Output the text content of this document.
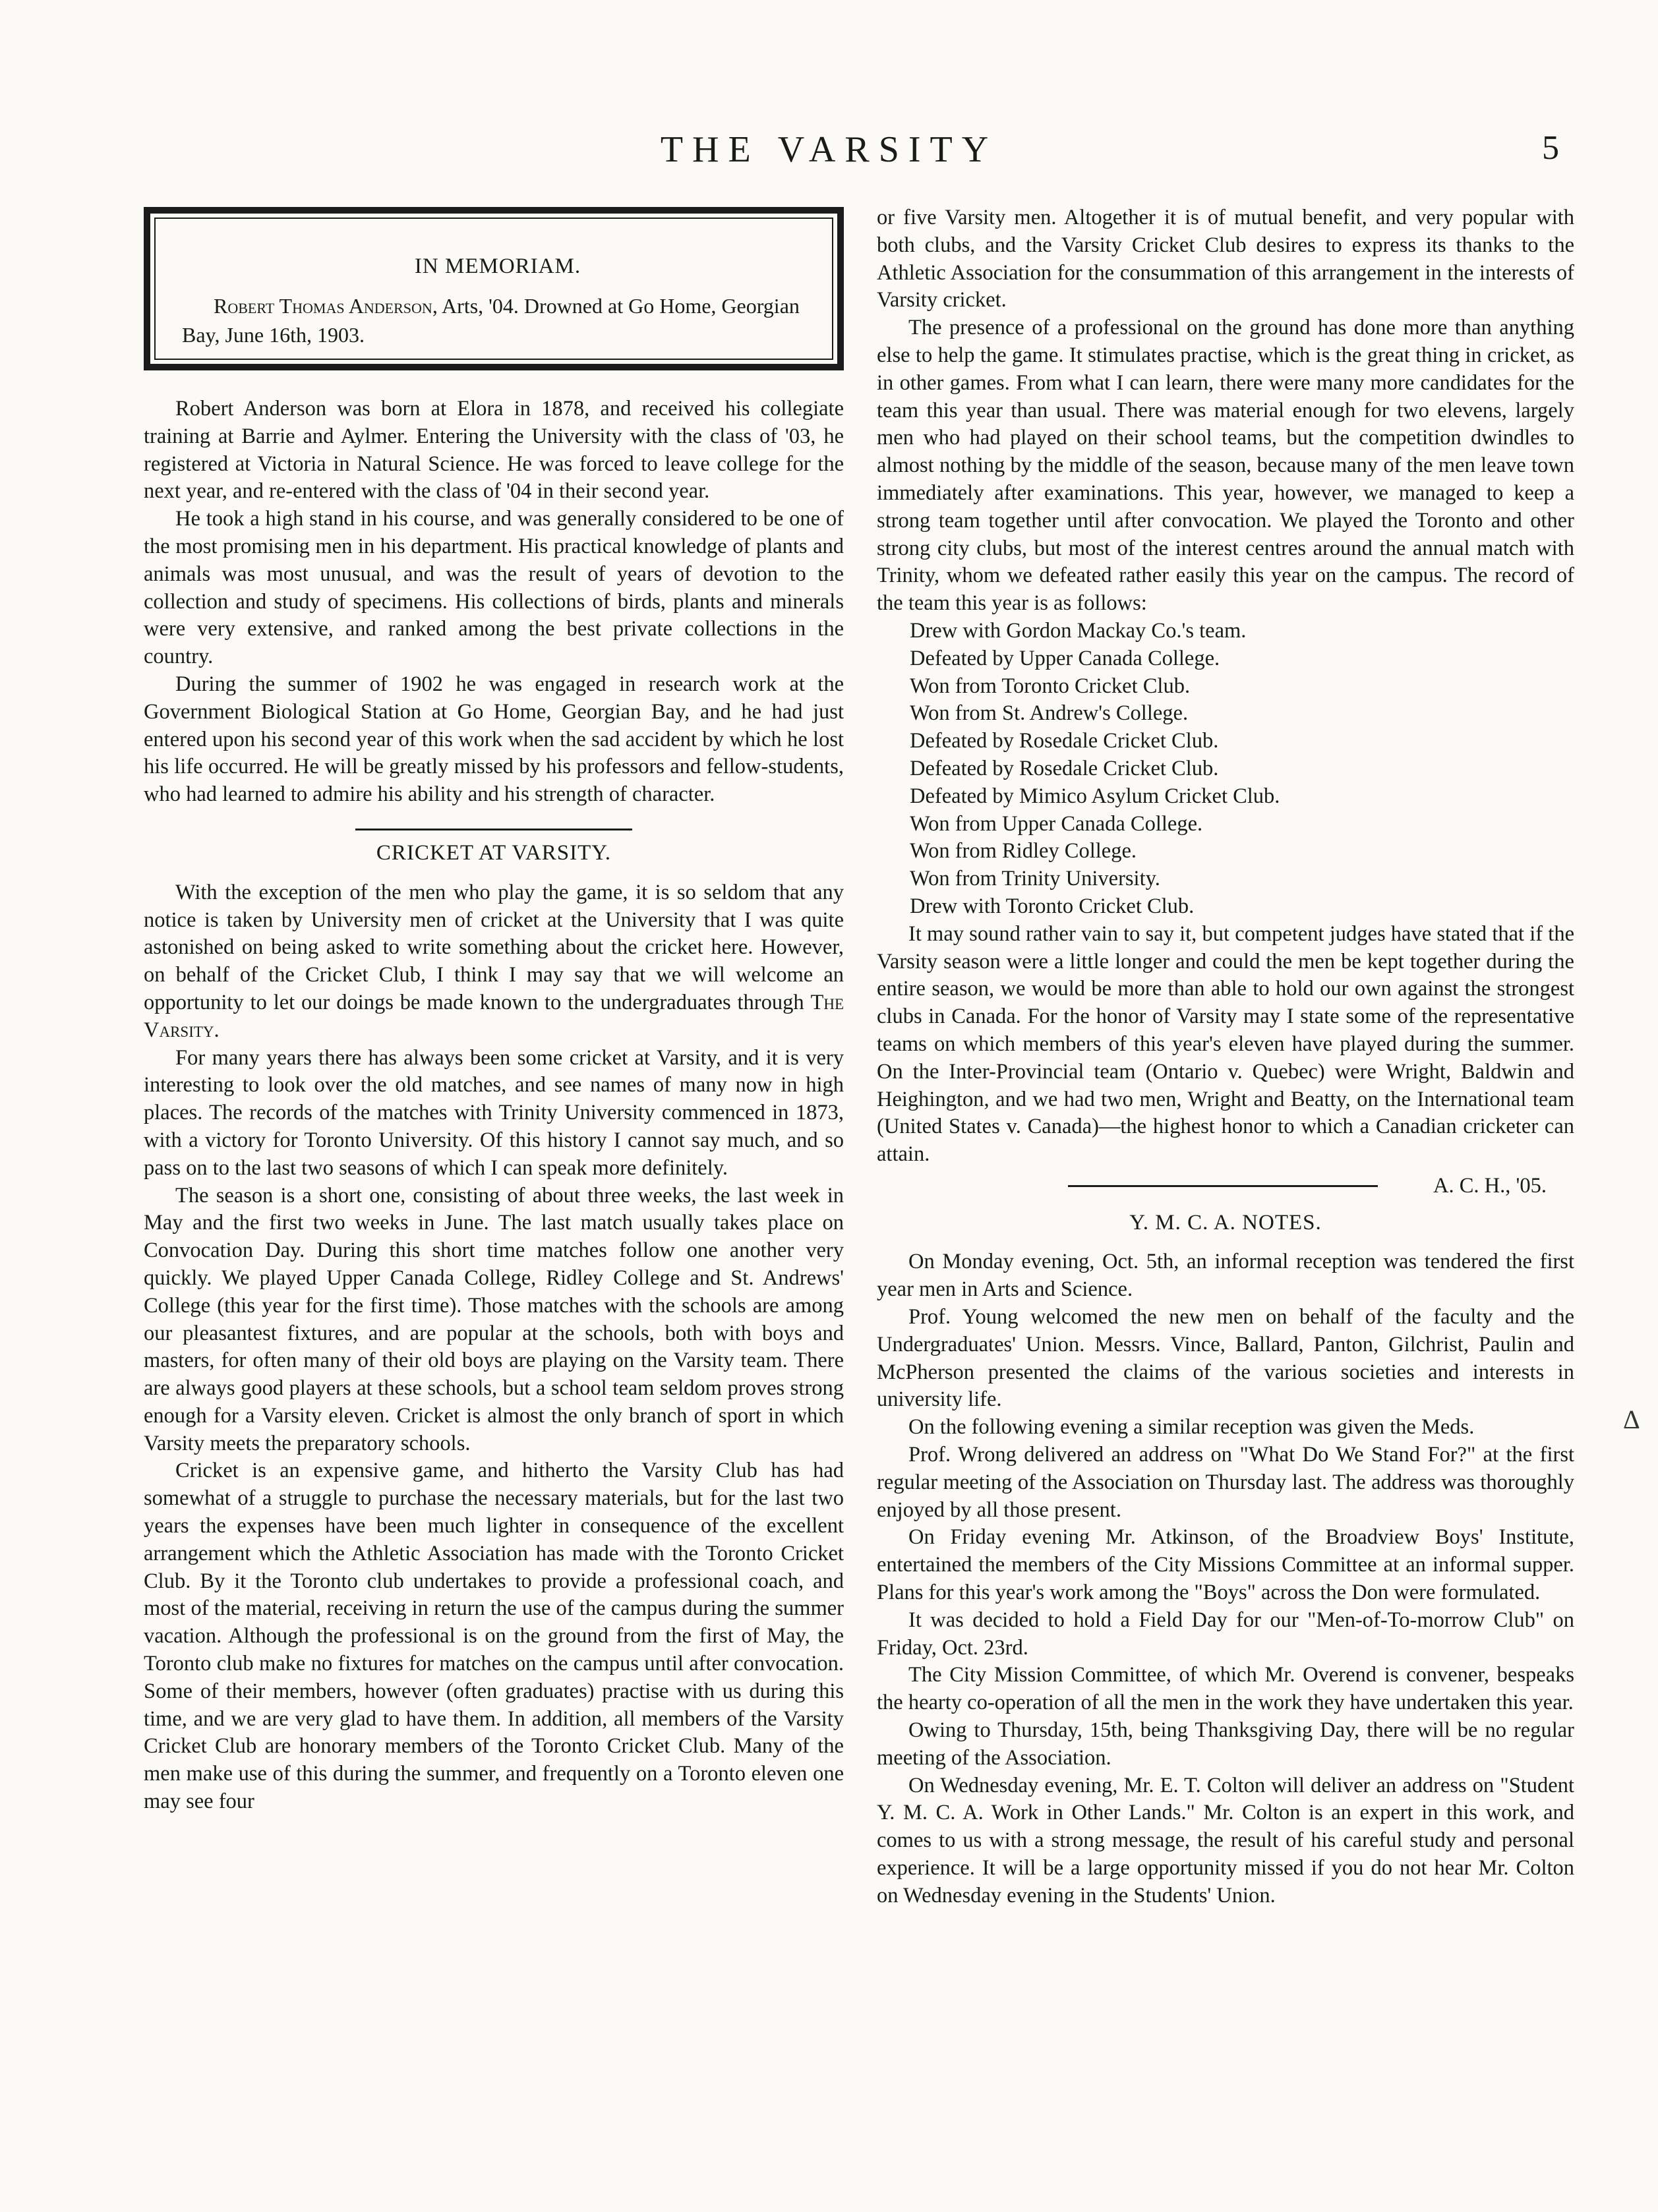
THE VARSITY	5
IN MEMORIAM.
Robert Thomas Anderson, Arts, '04. Drowned at Go Home, Georgian Bay, June 16th, 1903.

Robert Anderson was born at Elora in 1878, and received his collegiate training at Barrie and Aylmer. Entering the University with the class of '03, he registered at Victoria in Natural Science. He was forced to leave college for the next year, and re-entered with the class of '04 in their second year.

He took a high stand in his course, and was generally considered to be one of the most promising men in his department. His practical knowledge of plants and animals was most unusual, and was the result of years of devotion to the collection and study of specimens. His collections of birds, plants and minerals were very extensive, and ranked among the best private collections in the country.

During the summer of 1902 he was engaged in research work at the Government Biological Station at Go Home, Georgian Bay, and he had just entered upon his second year of this work when the sad accident by which he lost his life occurred. He will be greatly missed by his professors and fellow-students, who had learned to admire his ability and his strength of character.

CRICKET AT VARSITY.

With the exception of the men who play the game, it is so seldom that any notice is taken by University men of cricket at the University that I was quite astonished on being asked to write something about the cricket here. However, on behalf of the Cricket Club, I think I may say that we will welcome an opportunity to let our doings be made known to the undergraduates through The Varsity.

For many years there has always been some cricket at Varsity, and it is very interesting to look over the old matches, and see names of many now in high places. The records of the matches with Trinity University commenced in 1873, with a victory for Toronto University. Of this history I cannot say much, and so pass on to the last two seasons of which I can speak more definitely.

The season is a short one, consisting of about three weeks, the last week in May and the first two weeks in June. The last match usually takes place on Convocation Day. During this short time matches follow one another very quickly. We played Upper Canada College, Ridley College and St. Andrews' College (this year for the first time). Those matches with the schools are among our pleasantest fixtures, and are popular at the schools, both with boys and masters, for often many of their old boys are playing on the Varsity team. There are always good players at these schools, but a school team seldom proves strong enough for a Varsity eleven. Cricket is almost the only branch of sport in which Varsity meets the preparatory schools.

Cricket is an expensive game, and hitherto the Varsity Club has had somewhat of a struggle to purchase the necessary materials, but for the last two years the expenses have been much lighter in consequence of the excellent arrangement which the Athletic Association has made with the Toronto Cricket Club. By it the Toronto club undertakes to provide a professional coach, and most of the material, receiving in return the use of the campus during the summer vacation. Although the professional is on the ground from the first of May, the Toronto club make no fixtures for matches on the campus until after convocation. Some of their members, however (often graduates) practise with us during this time, and we are very glad to have them. In addition, all members of the Varsity Cricket Club are honorary members of the Toronto Cricket Club. Many of the men make use of this during the summer, and frequently on a Toronto eleven one may see four

or five Varsity men. Altogether it is of mutual benefit, and very popular with both clubs, and the Varsity Cricket Club desires to express its thanks to the Athletic Association for the consummation of this arrangement in the interests of Varsity cricket.

The presence of a professional on the ground has done more than anything else to help the game. It stimulates practise, which is the great thing in cricket, as in other games. From what I can learn, there were many more candidates for the team this year than usual. There was material enough for two elevens, largely men who had played on their school teams, but the competition dwindles to almost nothing by the middle of the season, because many of the men leave town immediately after examinations. This year, however, we managed to keep a strong team together until after convocation. We played the Toronto and other strong city clubs, but most of the interest centres around the annual match with Trinity, whom we defeated rather easily this year on the campus. The record of the team this year is as follows:

Drew with Gordon Mackay Co.'s team.
Defeated by Upper Canada College.
Won from Toronto Cricket Club.
Won from St. Andrew's College.
Defeated by Rosedale Cricket Club.
Defeated by Rosedale Cricket Club.
Defeated by Mimico Asylum Cricket Club.
Won from Upper Canada College.
Won from Ridley College.
Won from Trinity University.
Drew with Toronto Cricket Club.

It may sound rather vain to say it, but competent judges have stated that if the Varsity season were a little longer and could the men be kept together during the entire season, we would be more than able to hold our own against the strongest clubs in Canada. For the honor of Varsity may I state some of the representative teams on which members of this year's eleven have played during the summer. On the Inter-Provincial team (Ontario v. Quebec) were Wright, Baldwin and Heighington, and we had two men, Wright and Beatty, on the International team (United States v. Canada)—the highest honor to which a Canadian cricketer can attain.

A. C. H., '05.
Y. M. C. A. NOTES.

On Monday evening, Oct. 5th, an informal reception was tendered the first year men in Arts and Science.

Prof. Young welcomed the new men on behalf of the faculty and the Undergraduates' Union. Messrs. Vince, Ballard, Panton, Gilchrist, Paulin and McPherson presented the claims of the various societies and interests in university life.

On the following evening a similar reception was given the Meds.

Prof. Wrong delivered an address on "What Do We Stand For?" at the first regular meeting of the Association on Thursday last. The address was thoroughly enjoyed by all those present.

On Friday evening Mr. Atkinson, of the Broadview Boys' Institute, entertained the members of the City Missions Committee at an informal supper. Plans for this year's work among the "Boys" across the Don were formulated.

It was decided to hold a Field Day for our "Men-of-To-morrow Club" on Friday, Oct. 23rd.

The City Mission Committee, of which Mr. Overend is convener, bespeaks the hearty co-operation of all the men in the work they have undertaken this year.

Owing to Thursday, 15th, being Thanksgiving Day, there will be no regular meeting of the Association.

On Wednesday evening, Mr. E. T. Colton will deliver an address on "Student Y. M. C. A. Work in Other Lands." Mr. Colton is an expert in this work, and comes to us with a strong message, the result of his careful study and personal experience. It will be a large opportunity missed if you do not hear Mr. Colton on Wednesday evening in the Students' Union.

Δ
